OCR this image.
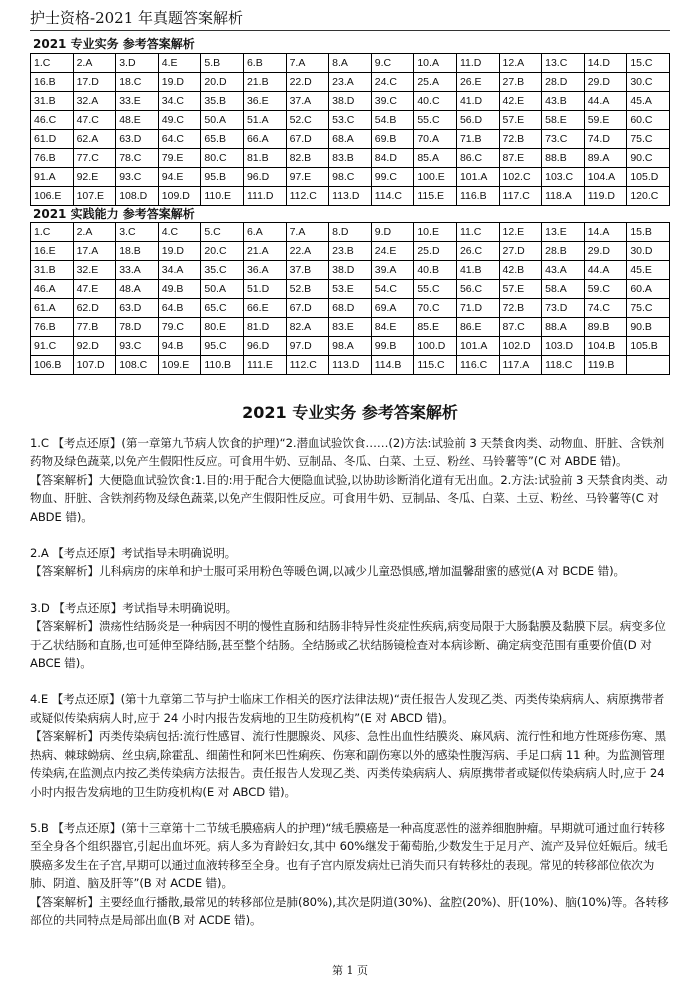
护士资格-2021 年真题答案解析
2021 专业实务 参考答案解析
1.C	2.A	3.D	4.E	5.B	6.B	7.A	8.A	9.C	10.A	11.D	12.A	13.C	14.D	15.C
16.B	17.D	18.C	19.D	20.D	21.B	22.D	23.A	24.C	25.A	26.E	27.B	28.D	29.D	30.C
31.B	32.A	33.E	34.C	35.B	36.E	37.A	38.D	39.C	40.C	41.D	42.E	43.B	44.A	45.A
46.C	47.C	48.E	49.C	50.A	51.A	52.C	53.C	54.B	55.C	56.D	57.E	58.E	59.E	60.C
61.D	62.A	63.D	64.C	65.B	66.A	67.D	68.A	69.B	70.A	71.B	72.B	73.C	74.D	75.C
76.B	77.C	78.C	79.E	80.C	81.B	82.B	83.B	84.D	85.A	86.C	87.E	88.B	89.A	90.C
91.A	92.E	93.C	94.E	95.B	96.D	97.E	98.C	99.C	100.E	101.A	102.C	103.C	104.A	105.D
106.E	107.E	108.D	109.D	110.E	111.D	112.C	113.D	114.C	115.E	116.B	117.C	118.A	119.D	120.C
2021 实践能力 参考答案解析
1.C	2.A	3.C	4.C	5.C	6.A	7.A	8.D	9.D	10.E	11.C	12.E	13.E	14.A	15.B
16.E	17.A	18.B	19.D	20.C	21.A	22.A	23.B	24.E	25.D	26.C	27.D	28.B	29.D	30.D
31.B	32.E	33.A	34.A	35.C	36.A	37.B	38.D	39.A	40.B	41.B	42.B	43.A	44.A	45.E
46.A	47.E	48.A	49.B	50.A	51.D	52.B	53.E	54.C	55.C	56.C	57.E	58.A	59.C	60.A
61.A	62.D	63.D	64.B	65.C	66.E	67.D	68.D	69.A	70.C	71.D	72.B	73.D	74.C	75.C
76.B	77.B	78.D	79.C	80.E	81.D	82.A	83.E	84.E	85.E	86.E	87.C	88.A	89.B	90.B
91.C	92.D	93.C	94.B	95.C	96.D	97.D	98.A	99.B	100.D	101.A	102.D	103.D	104.B	105.B
106.B	107.D	108.C	109.E	110.B	111.E	112.C	113.D	114.B	115.C	116.C	117.A	118.C	119.B	
2021 专业实务 参考答案解析

1.C 【考点还原】(第一章第九节病人饮食的护理)“2.潜血试验饮食……(2)方法:试验前 3 天禁食肉类、动物血、肝脏、含铁剂药物及绿色蔬菜,以免产生假阳性反应。可食用牛奶、豆制品、冬瓜、白菜、土豆、粉丝、马铃薯等”(C 对 ABDE 错)。

【答案解析】大便隐血试验饮食:1.目的:用于配合大便隐血试验,以协助诊断消化道有无出血。2.方法:试验前 3 天禁食肉类、动物血、肝脏、含铁剂药物及绿色蔬菜,以免产生假阳性反应。可食用牛奶、豆制品、冬瓜、白菜、土豆、粉丝、马铃薯等(C 对 ABDE 错)。

2.A 【考点还原】考试指导未明确说明。

【答案解析】儿科病房的床单和护士服可采用粉色等暖色调,以减少儿童恐惧感,增加温馨甜蜜的感觉(A 对 BCDE 错)。

3.D 【考点还原】考试指导未明确说明。

【答案解析】溃疡性结肠炎是一种病因不明的慢性直肠和结肠非特异性炎症性疾病,病变局限于大肠黏膜及黏膜下层。病变多位于乙状结肠和直肠,也可延伸至降结肠,甚至整个结肠。全结肠或乙状结肠镜检查对本病诊断、确定病变范围有重要价值(D 对 ABCE 错)。

4.E 【考点还原】(第十九章第二节与护士临床工作相关的医疗法律法规)“责任报告人发现乙类、丙类传染病病人、病原携带者或疑似传染病病人时,应于 24 小时内报告发病地的卫生防疫机构”(E 对 ABCD 错)。

【答案解析】丙类传染病包括:流行性感冒、流行性腮腺炎、风疹、急性出血性结膜炎、麻风病、流行性和地方性斑疹伤寒、黑热病、棘球蚴病、丝虫病,除霍乱、细菌性和阿米巴性痢疾、伤寒和副伤寒以外的感染性腹泻病、手足口病 11 种。为监测管理传染病,在监测点内按乙类传染病方法报告。责任报告人发现乙类、丙类传染病病人、病原携带者或疑似传染病病人时,应于 24 小时内报告发病地的卫生防疫机构(E 对 ABCD 错)。

5.B 【考点还原】(第十三章第十二节绒毛膜癌病人的护理)“绒毛膜癌是一种高度恶性的滋养细胞肿瘤。早期就可通过血行转移至全身各个组织器官,引起出血坏死。病人多为育龄妇女,其中 60%继发于葡萄胎,少数发生于足月产、流产及异位妊娠后。绒毛膜癌多发生在子宫,早期可以通过血液转移至全身。也有子宫内原发病灶已消失而只有转移灶的表现。常见的转移部位依次为肺、阴道、脑及肝等”(B 对 ACDE 错)。

【答案解析】主要经血行播散,最常见的转移部位是肺(80%),其次是阴道(30%)、盆腔(20%)、肝(10%)、脑(10%)等。各转移部位的共同特点是局部出血(B 对 ACDE 错)。

第 1 页
